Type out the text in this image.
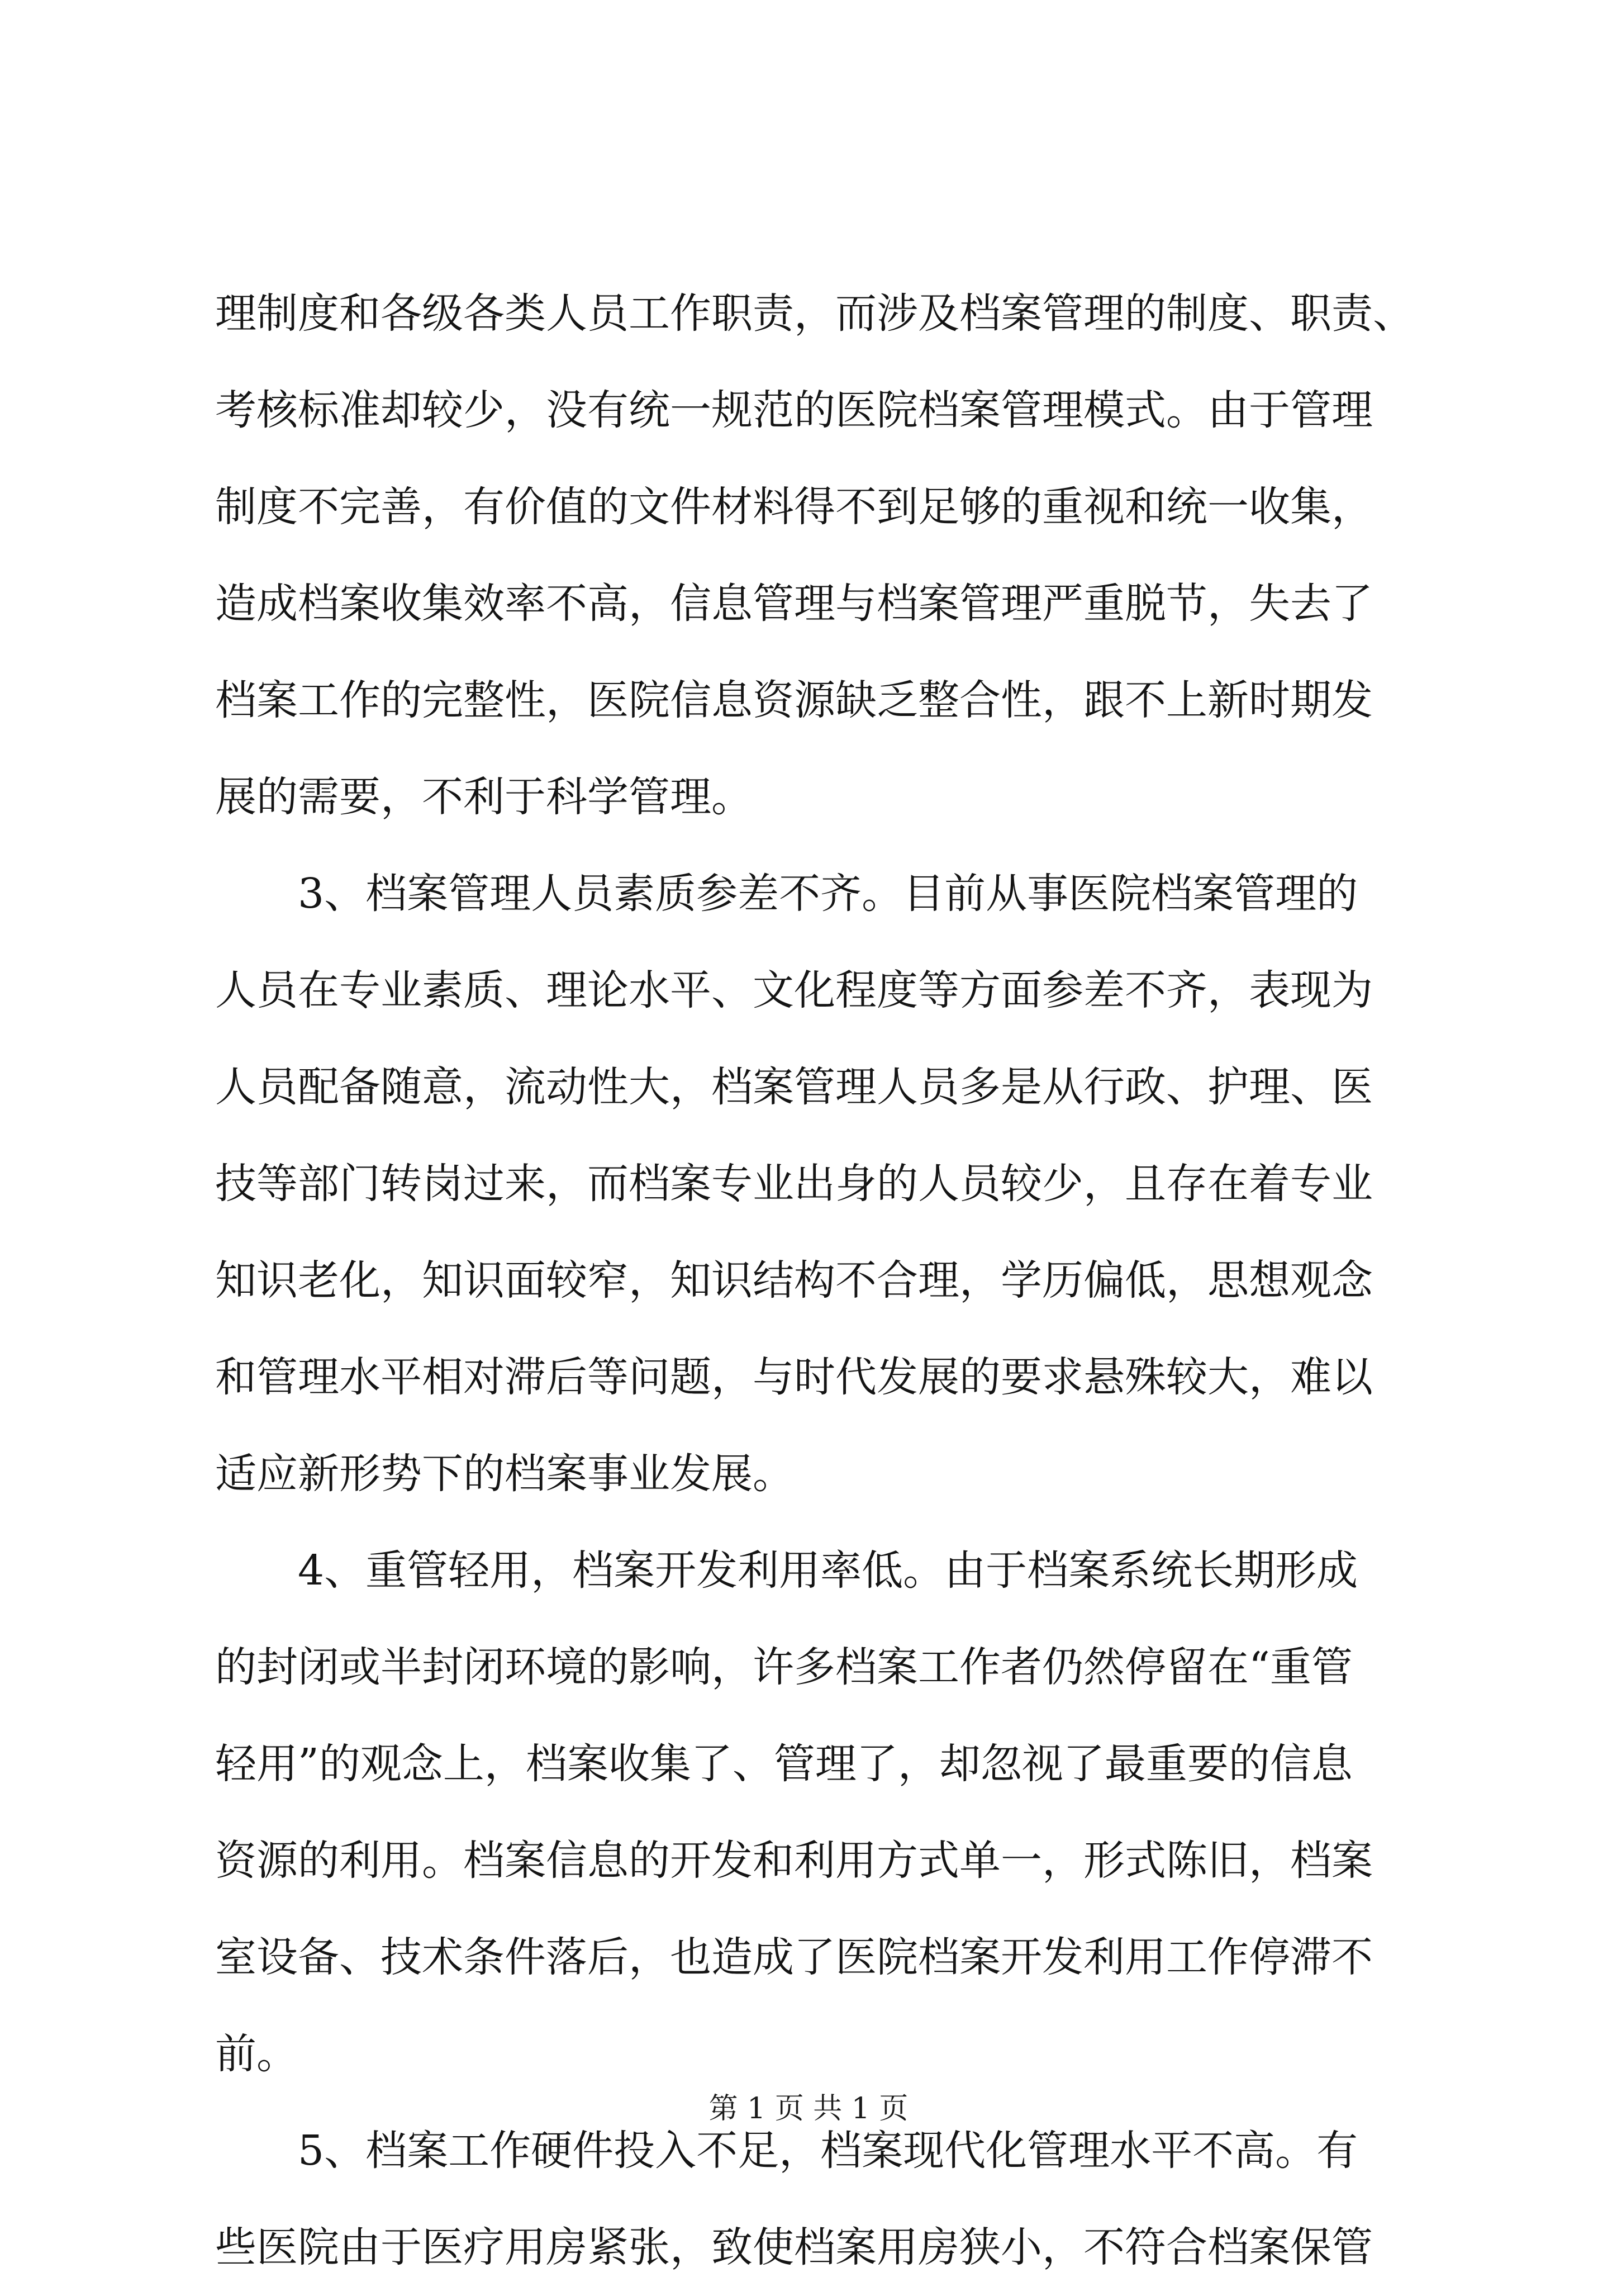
理制度和各级各类人员工作职责，而涉及档案管理的制度、职责、
考核标准却较少，没有统一规范的医院档案管理模式。由于管理
制度不完善，有价值的文件材料得不到足够的重视和统一收集，
造成档案收集效率不高，信息管理与档案管理严重脱节，失去了
档案工作的完整性，医院信息资源缺乏整合性，跟不上新时期发
展的需要，不利于科学管理。
　　3、档案管理人员素质参差不齐。目前从事医院档案管理的
人员在专业素质、理论水平、文化程度等方面参差不齐，表现为
人员配备随意，流动性大，档案管理人员多是从行政、护理、医
技等部门转岗过来，而档案专业出身的人员较少，且存在着专业
知识老化，知识面较窄，知识结构不合理，学历偏低，思想观念
和管理水平相对滞后等问题，与时代发展的要求悬殊较大，难以
适应新形势下的档案事业发展。
　　4、重管轻用，档案开发利用率低。由于档案系统长期形成
的封闭或半封闭环境的影响，许多档案工作者仍然停留在“重管
轻用”的观念上，档案收集了、管理了，却忽视了最重要的信息
资源的利用。档案信息的开发和利用方式单一，形式陈旧，档案
室设备、技术条件落后，也造成了医院档案开发利用工作停滞不
前。
　　5、档案工作硬件投入不足，档案现代化管理水平不高。有
些医院由于医疗用房紧张，致使档案用房狭小，不符合档案保管
第 1 页 共 1 页
